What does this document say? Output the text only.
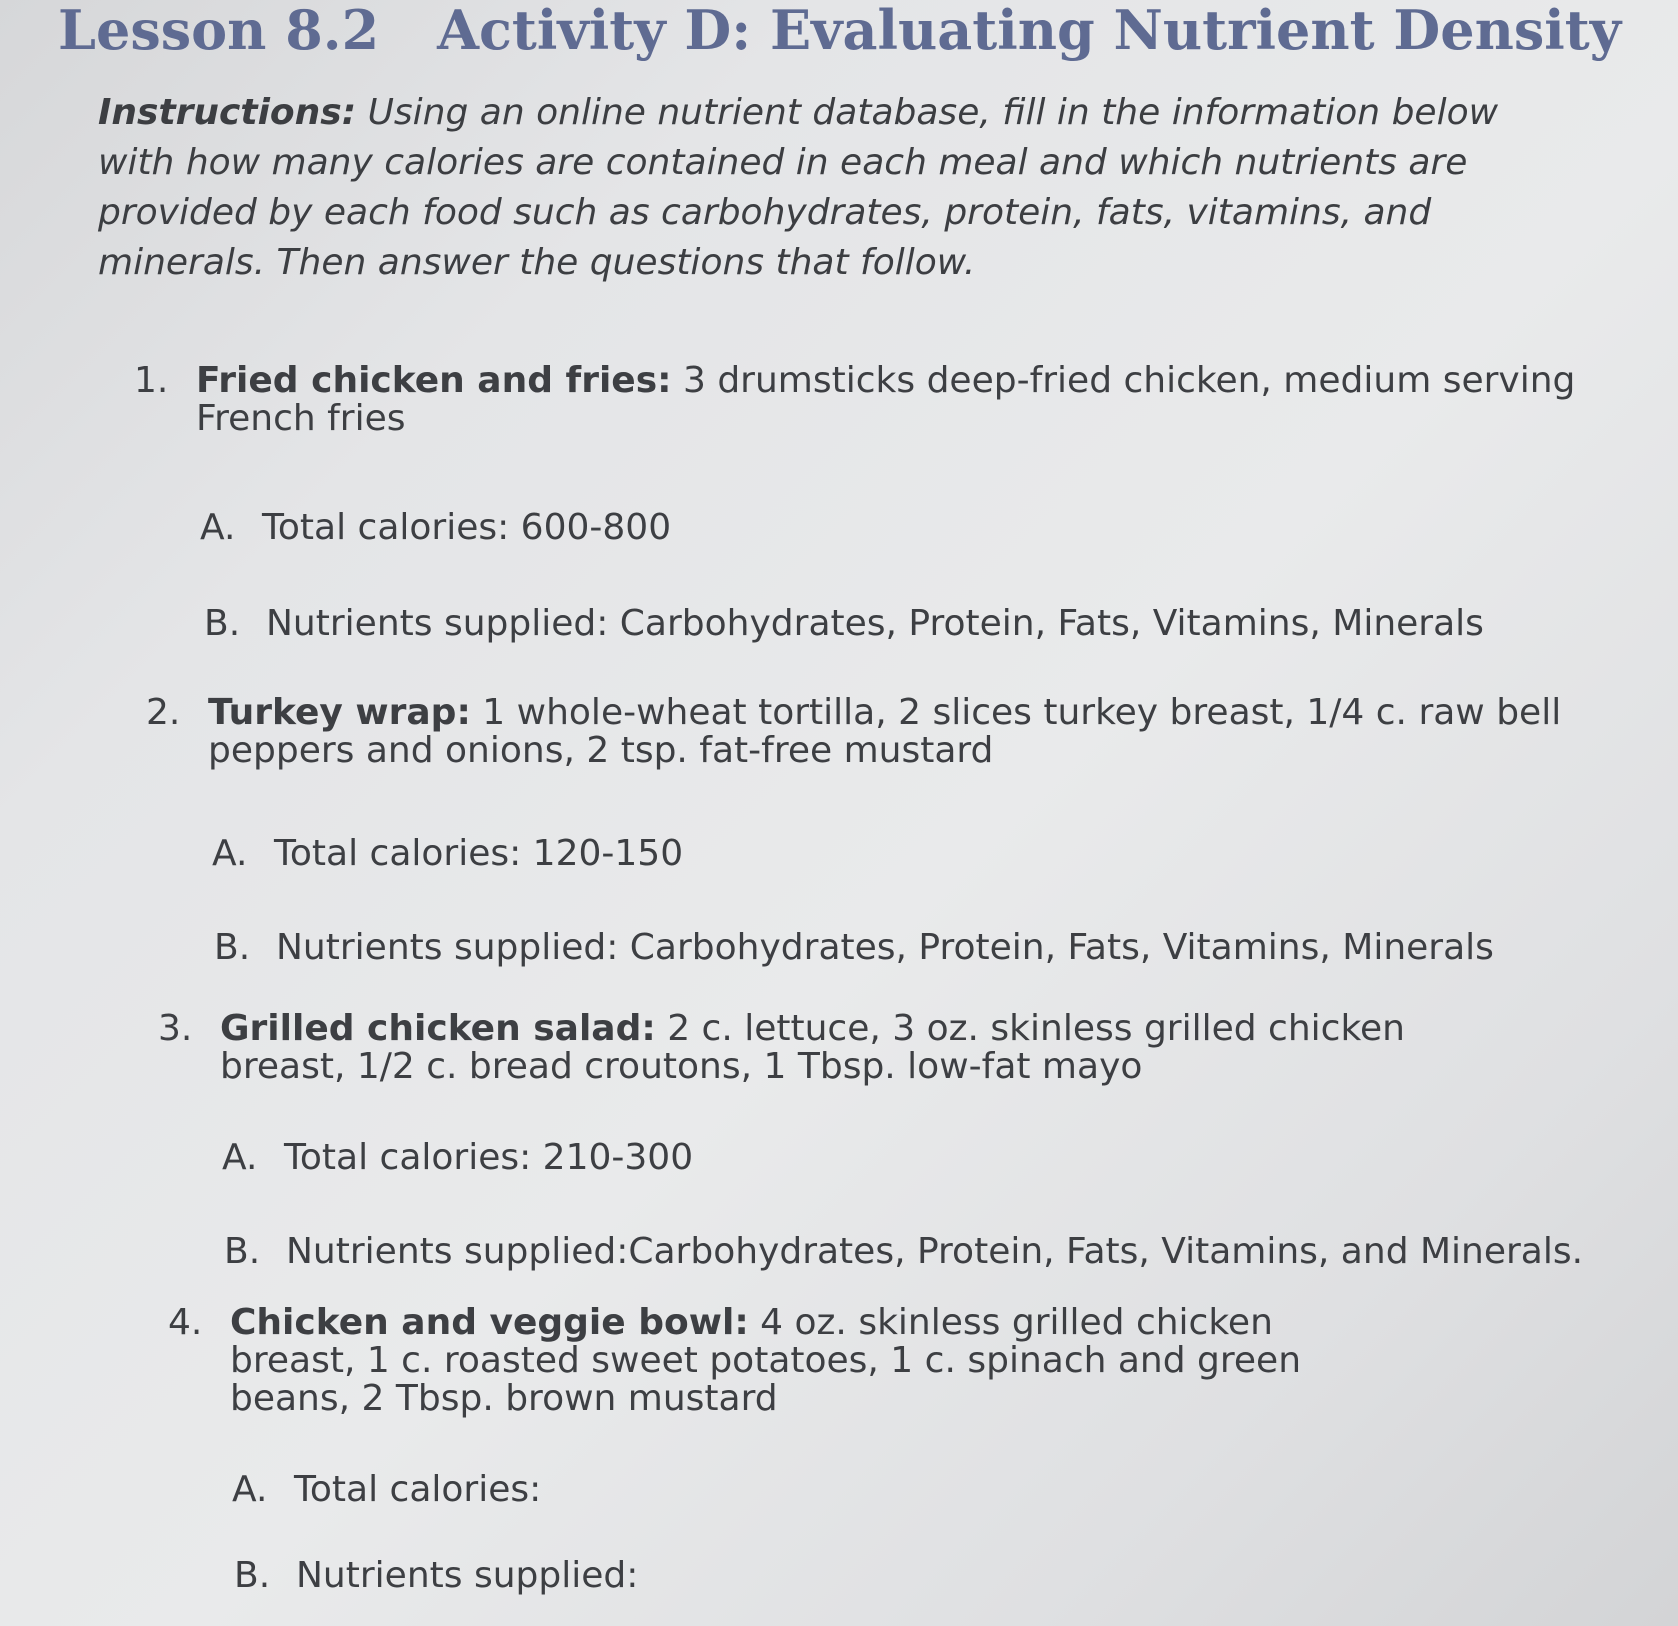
Lesson 8.2 Activity D: Evaluating Nutrient Density

Instructions: Using an online nutrient database, fill in the information below with how many calories are contained in each meal and which nutrients are provided by each food such as carbohydrates, protein, fats, vitamins, and minerals. Then answer the questions that follow.

1. Fried chicken and fries: 3 drumsticks deep-fried chicken, medium serving French fries
A. Total calories: 600-800
B. Nutrients supplied: Carbohydrates, Protein, Fats, Vitamins, Minerals
2. Turkey wrap: 1 whole-wheat tortilla, 2 slices turkey breast, 1/4 c. raw bell peppers and onions, 2 tsp. fat-free mustard
A. Total calories: 120-150
B. Nutrients supplied: Carbohydrates, Protein, Fats, Vitamins, Minerals
3. Grilled chicken salad: 2 c. lettuce, 3 oz. skinless grilled chicken breast, 1/2 c. bread croutons, 1 Tbsp. low-fat mayo
A. Total calories: 210-300
B. Nutrients supplied:Carbohydrates, Protein, Fats, Vitamins, and Minerals.
4. Chicken and veggie bowl: 4 oz. skinless grilled chicken breast, 1 c. roasted sweet potatoes, 1 c. spinach and green beans, 2 Tbsp. brown mustard
A. Total calories:
B. Nutrients supplied:
